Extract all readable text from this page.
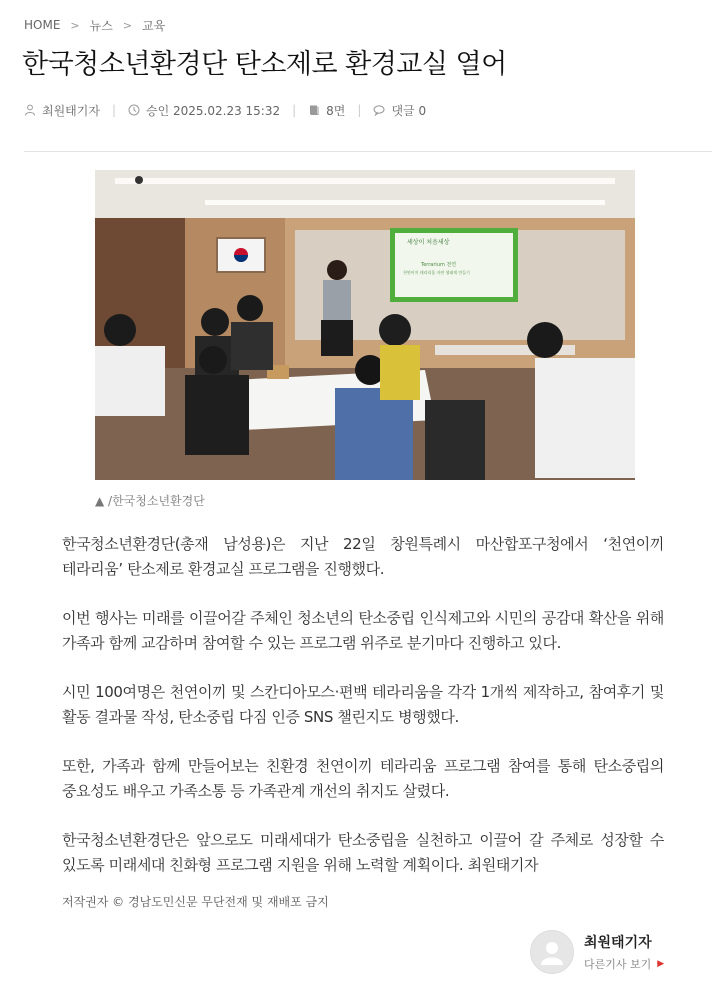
HOME > 뉴스 > 교육
한국청소년환경단 탄소제로 환경교실 열어
최원태기자 |	승인 2025.02.23 15:32 |	8면 |	댓글 0
세상이 처음세상
Terrarium 천연
천연이끼 테라리움 자연 생태계 만들기
▲ /한국청소년환경단

한국청소년환경단(총재 남성용)은 지난 22일 창원특례시 마산합포구청에서 ‘천연이끼 테라리움’ 탄소제로 환경교실 프로그램을 진행했다.

이번 행사는 미래를 이끌어갈 주체인 청소년의 탄소중립 인식제고와 시민의 공감대 확산을 위해 가족과 함께 교감하며 참여할 수 있는 프로그램 위주로 분기마다 진행하고 있다.

시민 100여명은 천연이끼 및 스칸디아모스·편백 테라리움을 각각 1개씩 제작하고, 참여후기 및 활동 결과물 작성, 탄소중립 다짐 인증 SNS 챌린지도 병행했다.

또한, 가족과 함께 만들어보는 친환경 천연이끼 테라리움 프로그램 참여를 통해 탄소중립의 중요성도 배우고 가족소통 등 가족관계 개선의 취지도 살렸다.

한국청소년환경단은 앞으로도 미래세대가 탄소중립을 실천하고 이끌어 갈 주체로 성장할 수 있도록 미래세대 친화형 프로그램 지원을 위해 노력할 계획이다. 최원태기자

저작권자 © 경남도민신문 무단전재 및 재배포 금지
최원태기자
다른기사 보기 ▶
